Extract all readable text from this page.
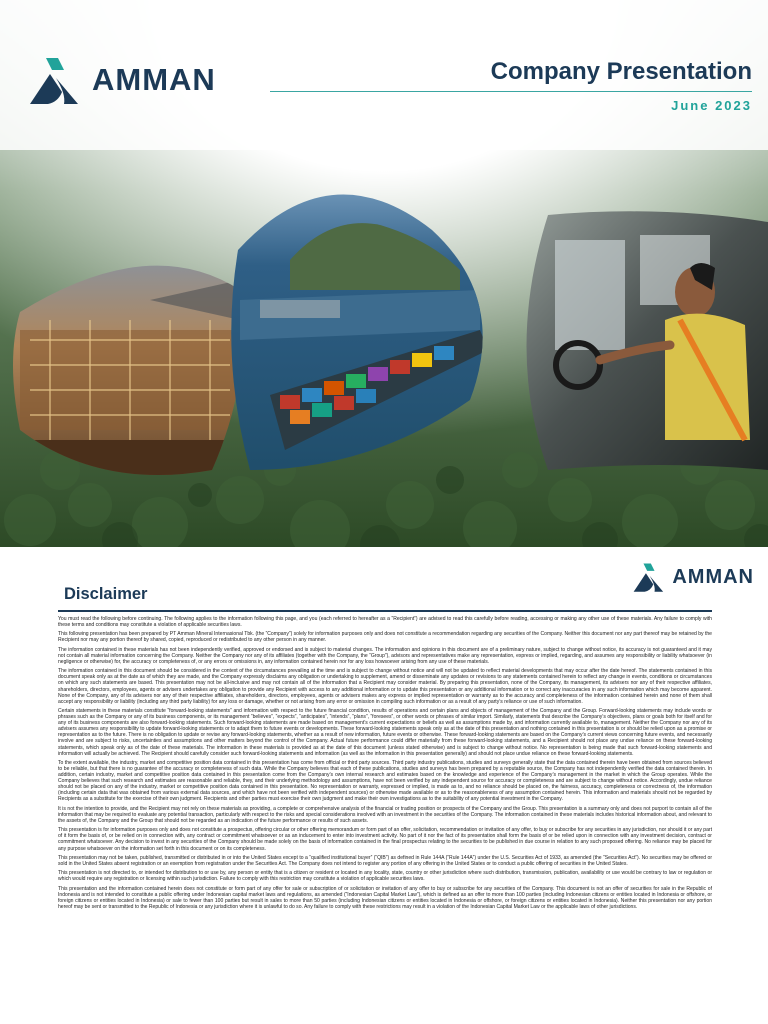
AMMAN	Company Presentation
June 2023
AMMAN
Disclaimer

You must read the following before continuing. The following applies to the information following this page, and you (each referred to hereafter as a “Recipient”) are advised to read this carefully before reading, accessing or making any other use of these materials. Any failure to comply with these terms and conditions may constitute a violation of applicable securities laws.

This following presentation has been prepared by PT Amman Mineral Internasional Tbk. (the “Company”) solely for information purposes only and does not constitute a recommendation regarding any securities of the Company. Neither this document nor any part thereof may be retained by the Recipient nor may any portion thereof by shared, copied, reproduced or redistributed to any other person in any manner.

The information contained in these materials has not been independently verified, approved or endorsed and is subject to material changes. The information and opinions in this document are of a preliminary nature, subject to change without notice, its accuracy is not guaranteed and it may not contain all material information concerning the Company. Neither the Company nor any of its affiliates (together with the Company, the “Group”), advisors and representatives make any representation, express or implied, regarding, and assumes any responsibility or liability whatsoever (in negligence or otherwise) for, the accuracy or completeness of, or any errors or omissions in, any information contained herein nor for any loss howsoever arising from any use of these materials.

The information contained in this document should be considered in the context of the circumstances prevailing at the time and is subject to change without notice and will not be updated to reflect material developments that may occur after the date hereof. The statements contained in this document speak only as at the date as of which they are made, and the Company expressly disclaims any obligation or undertaking to supplement, amend or disseminate any updates or revisions to any statements contained herein to reflect any change in events, conditions or circumstances on which any such statements are based. This presentation may not be all-inclusive and may not contain all of the information that a Recipient may consider material. By preparing this presentation, none of the Company, its management, its advisers nor any of their respective affiliates, shareholders, directors, employees, agents or advisers undertakes any obligation to provide any Recipient with access to any additional information or to update this presentation or any additional information or to correct any inaccuracies in any such information which may become apparent. None of the Company, any of its advisers nor any of their respective affiliates, shareholders, directors, employees, agents or advisers makes any express or implied representation or warranty as to the accuracy and completeness of the information contained herein and none of them shall accept any responsibility or liability (including any third party liability) for any loss or damage, whether or not arising from any error or omission in compiling such information or as a result of any party’s reliance or use of such information.

Certain statements in these materials constitute “forward-looking statements” and information with respect to the future financial condition, results of operations and certain plans and objects of management of the Company and the Group. Forward-looking statements may include words or phrases such as the Company or any of its business components, or its management “believes”, “expects”, “anticipates”, “intends”, “plans”, “foresees”, or other words or phrases of similar import. Similarly, statements that describe the Company’s objectives, plans or goals both for itself and for any of its business components are also forward-looking statements. Such forward-looking statements are made based on management’s current expectations or beliefs as well as assumptions made by, and information currently available to, management. Neither the Company nor any of its advisers assumes any responsibility to update forward-looking statements or to adapt them to future events or developments. These forward-looking statements speak only as at the date of this presentation and nothing contained in this presentation is or should be relied upon as a promise or representation as to the future. There is no obligation to update or revise any forward-looking statements, whether as a result of new information, future events or otherwise. These forward-looking statements are based on the Company’s current views concerning future events, and necessarily involve and are subject to risks, uncertainties and assumptions and other matters beyond the control of the Company. Actual future performance could differ materially from these forward-looking statements, and a Recipient should not place any undue reliance on these forward-looking statements, which speak only as of the date of these materials. The information in these materials is provided as at the date of this document (unless stated otherwise) and is subject to change without notice. No representation is being made that such forward-looking statements and information will actually be achieved. The Recipient should carefully consider such forward-looking statements and information (as well as the information in this presentation generally) and should not place undue reliance on these forward-looking statements.

To the extent available, the industry, market and competitive position data contained in this presentation has come from official or third party sources. Third party industry publications, studies and surveys generally state that the data contained therein have been obtained from sources believed to be reliable, but that there is no guarantee of the accuracy or completeness of such data. While the Company believes that each of these publications, studies and surveys has been prepared by a reputable source, the Company has not independently verified the data contained therein. In addition, certain industry, market and competitive position data contained in this presentation come from the Company’s own internal research and estimates based on the knowledge and experience of the Company’s management in the market in which the Group operates. While the Company believes that such research and estimates are reasonable and reliable, they, and their underlying methodology and assumptions, have not been verified by any independent source for accuracy or completeness and are subject to change without notice. Accordingly, undue reliance should not be placed on any of the industry, market or competitive position data contained in this presentation. No representation or warranty, expressed or implied, is made as to, and no reliance should be placed on, the fairness, accuracy, completeness or correctness of, the information (including certain data that was obtained from various external data sources, and which have not been verified with independent sources) or otherwise made available or as to the reasonableness of any assumption contained herein. This information and materials should not be regarded by Recipients as a substitute for the exercise of their own judgment. Recipients and other parties must exercise their own judgment and make their own investigations as to the suitability of any potential investment in the Company.

It is not the intention to provide, and the Recipient may not rely on these materials as providing, a complete or comprehensive analysis of the financial or trading position or prospects of the Company and the Group. This presentation is a summary only and does not purport to contain all of the information that may be required to evaluate any potential transaction, particularly with respect to the risks and special considerations involved with an investment in the securities of the Company. The information contained in these materials includes historical information about, and relevant to the assets of, the Company and the Group that should not be regarded as an indication of the future performance or results of such assets.

This presentation is for information purposes only and does not constitute a prospectus, offering circular or other offering memorandum or form part of an offer, solicitation, recommendation or invitation of any offer, to buy or subscribe for any securities in any jurisdiction, nor should it or any part of it form the basis of, or be relied on in connection with, any contract or commitment whatsoever or as an inducement to enter into investment activity. No part of it nor the fact of its presentation shall form the basis of or be relied upon in connection with any investment decision, contract or commitment whatsoever. Any decision to invest in any securities of the Company should be made solely on the basis of information contained in the final prospectus relating to the securities to be published in due course in relation to any such proposed offering. No reliance may be placed for any purpose whatsoever on the information set forth in this document or on its completeness.

This presentation may not be taken, published, transmitted or distributed in or into the United States except to a “qualified institutional buyer” (“QIB”) as defined in Rule 144A (“Rule 144A”) under the U.S. Securities Act of 1933, as amended (the “Securities Act”). No securities may be offered or sold in the United States absent registration or an exemption from registration under the Securities Act. The Company does not intend to register any portion of any offering in the United States or to conduct a public offering of securities in the United States.

This presentation is not directed to, or intended for distribution to or use by, any person or entity that is a citizen or resident or located in any locality, state, country or other jurisdiction where such distribution, transmission, publication, availability or use would be contrary to law or regulation or which would require any registration or licensing within such jurisdiction. Failure to comply with this restriction may constitute a violation of applicable securities laws.

This presentation and the information contained herein does not constitute or form part of any offer for sale or subscription of or solicitation or invitation of any offer to buy or subscribe for any securities of the Company. This document is not an offer of securities for sale in the Republic of Indonesia and is not intended to constitute a public offering under Indonesian capital market laws and regulations, as amended (“Indonesian Capital Market Law”), which is defined as an offer to more than 100 parties (including Indonesian citizens or entities located in Indonesia or offshore, or foreign citizens or entities located in Indonesia) or sale to fewer than 100 parties but result in sales to more than 50 parties (including Indonesian citizens or entities located in Indonesia or offshore, or foreign citizens or entities located in Indonesia). Neither this presentation nor any portion hereof may be sent or transmitted to the Republic of Indonesia or any jurisdiction where it is unlawful to do so. Any failure to comply with these restrictions may result in a violation of the Indonesian Capital Market Law or the applicable laws of other jurisdictions.
